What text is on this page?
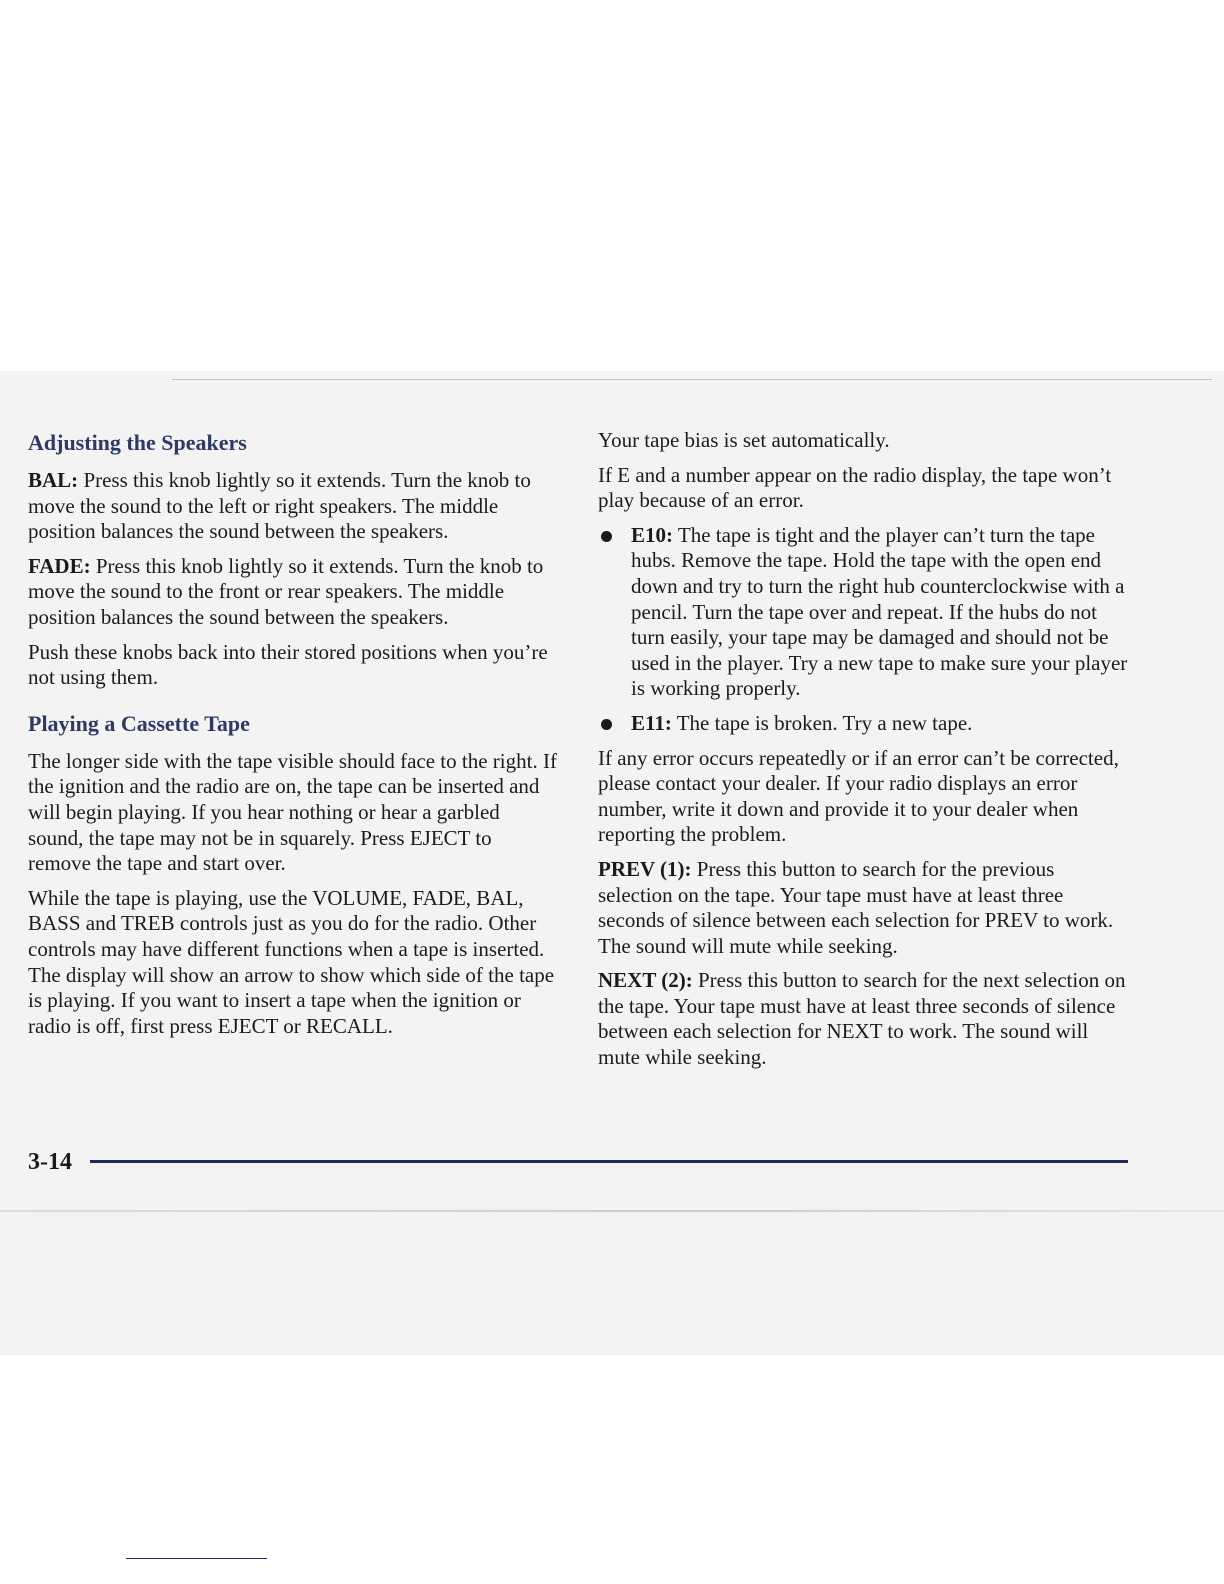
Adjusting the Speakers

BAL: Press this knob lightly so it extends. Turn the knob to move the sound to the left or right speakers. The middle position balances the sound between the speakers.

FADE: Press this knob lightly so it extends. Turn the knob to move the sound to the front or rear speakers. The middle position balances the sound between the speakers.

Push these knobs back into their stored positions when you’re not using them.

Playing a Cassette Tape

The longer side with the tape visible should face to the right. If the ignition and the radio are on, the tape can be inserted and will begin playing. If you hear nothing or hear a garbled sound, the tape may not be in squarely. Press EJECT to remove the tape and start over.

While the tape is playing, use the VOLUME, FADE, BAL, BASS and TREB controls just as you do for the radio. Other controls may have different functions when a tape is inserted. The display will show an arrow to show which side of the tape is playing. If you want to insert a tape when the ignition or radio is off, first press EJECT or RECALL.

Your tape bias is set automatically.

If E and a number appear on the radio display, the tape won’t play because of an error.

E10: The tape is tight and the player can’t turn the tape hubs. Remove the tape. Hold the tape with the open end down and try to turn the right hub counterclockwise with a pencil. Turn the tape over and repeat. If the hubs do not turn easily, your tape may be damaged and should not be used in the player. Try a new tape to make sure your player is working properly.
E11: The tape is broken. Try a new tape.

If any error occurs repeatedly or if an error can’t be corrected, please contact your dealer. If your radio displays an error number, write it down and provide it to your dealer when reporting the problem.

PREV (1): Press this button to search for the previous selection on the tape. Your tape must have at least three seconds of silence between each selection for PREV to work. The sound will mute while seeking.

NEXT (2): Press this button to search for the next selection on the tape. Your tape must have at least three seconds of silence between each selection for NEXT to work. The sound will mute while seeking.

3-14
